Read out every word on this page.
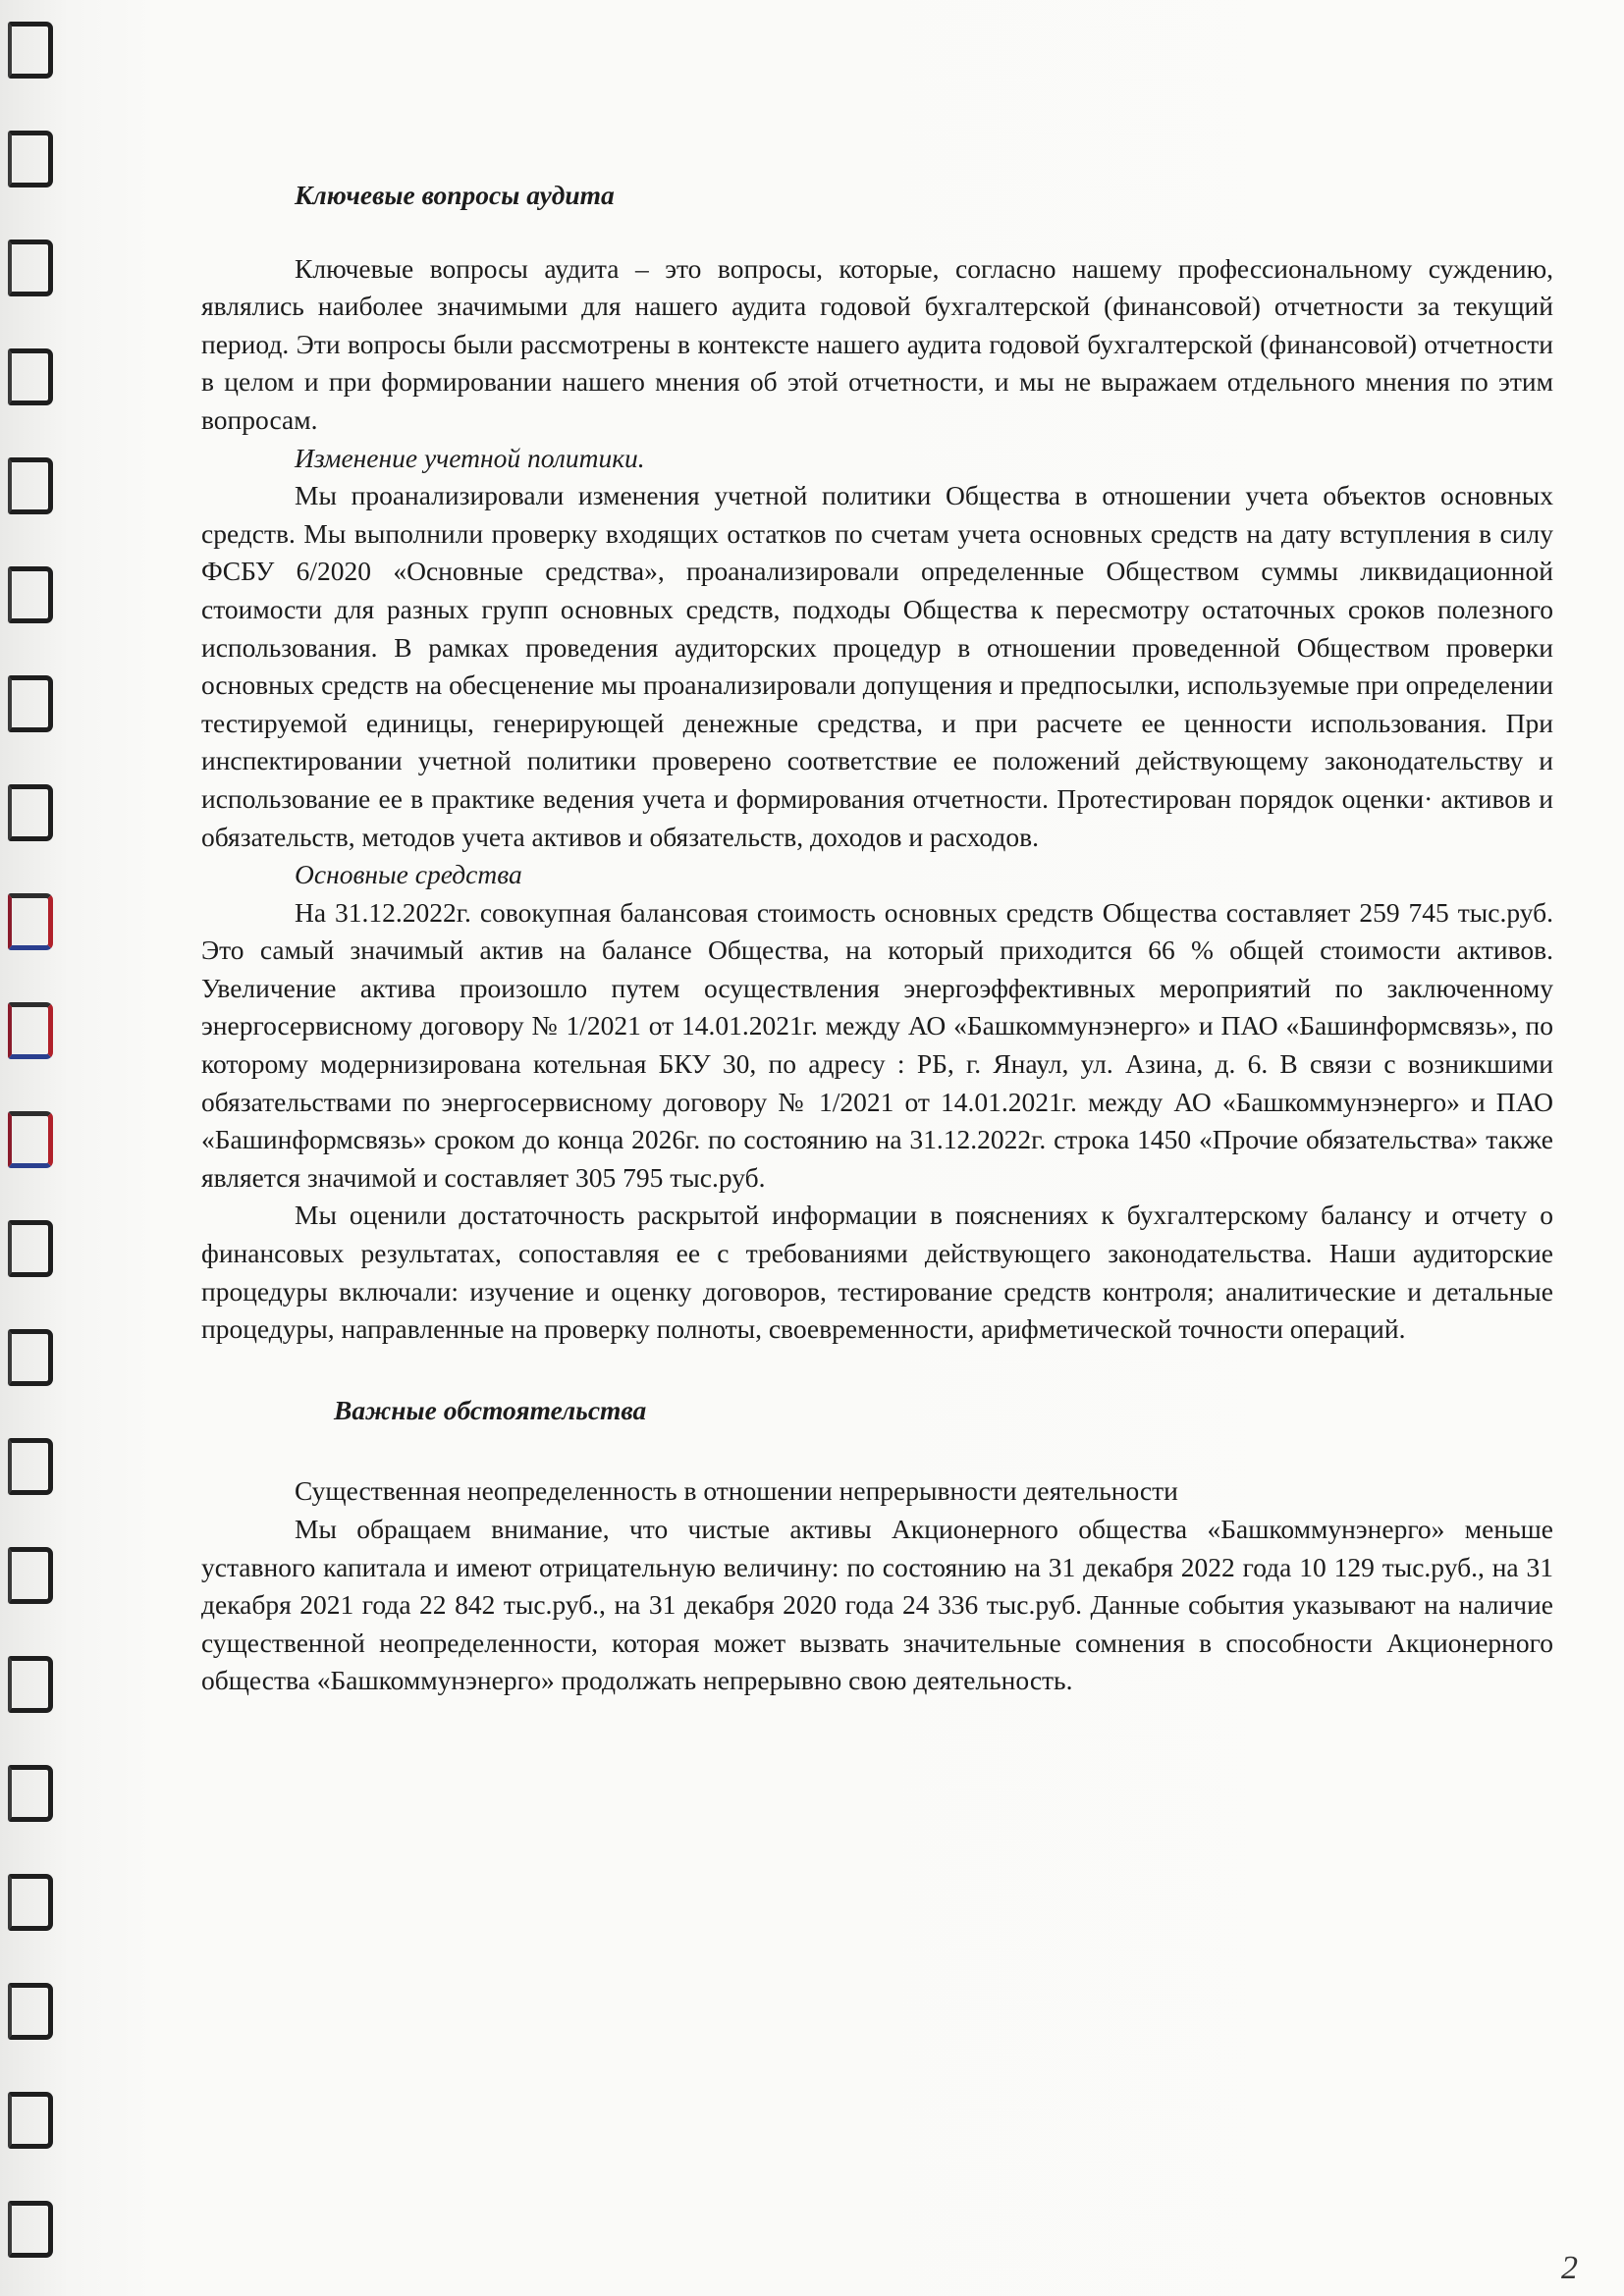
Ключевые вопросы аудита

Ключевые вопросы аудита – это вопросы, которые, согласно нашему профессиональному суждению, являлись наиболее значимыми для нашего аудита годовой бухгалтерской (финансовой) отчетности за текущий период. Эти вопросы были рассмотрены в контексте нашего аудита годовой бухгалтерской (финансовой) отчетности в целом и при формировании нашего мнения об этой отчетности, и мы не выражаем отдельного мнения по этим вопросам.

Изменение учетной политики.

Мы проанализировали изменения учетной политики Общества в отношении учета объектов основных средств. Мы выполнили проверку входящих остатков по счетам учета основных средств на дату вступления в силу ФСБУ 6/2020 «Основные средства», проанализировали определенные Обществом суммы ликвидационной стоимости для разных групп основных средств, подходы Общества к пересмотру остаточных сроков полезного использования. В рамках проведения аудиторских процедур в отношении проведенной Обществом проверки основных средств на обесценение мы проанализировали допущения и предпосылки, используемые при определении тестируемой единицы, генерирующей денежные средства, и при расчете ее ценности использования. При инспектировании учетной политики проверено соответствие ее положений действующему законодательству и использование ее в практике ведения учета и формирования отчетности. Протестирован порядок оценки· активов и обязательств, методов учета активов и обязательств, доходов и расходов.

Основные средства

На 31.12.2022г. совокупная балансовая стоимость основных средств Общества составляет 259 745 тыс.руб. Это самый значимый актив на балансе Общества, на который приходится 66 % общей стоимости активов. Увеличение актива произошло путем осуществления энергоэффективных мероприятий по заключенному энергосервисному договору № 1/2021 от 14.01.2021г. между АО «Башкоммунэнерго» и ПАО «Башинформсвязь», по которому модернизирована котельная БКУ 30, по адресу : РБ, г. Янаул, ул. Азина, д. 6. В связи с возникшими обязательствами по энергосервисному договору № 1/2021 от 14.01.2021г. между АО «Башкоммунэнерго» и ПАО «Башинформсвязь» сроком до конца 2026г. по состоянию на 31.12.2022г. строка 1450 «Прочие обязательства» также является значимой и составляет 305 795 тыс.руб.

Мы оценили достаточность раскрытой информации в пояснениях к бухгалтерскому балансу и отчету о финансовых результатах, сопоставляя ее с требованиями действующего законодательства. Наши аудиторские процедуры включали: изучение и оценку договоров, тестирование средств контроля; аналитические и детальные процедуры, направленные на проверку полноты, своевременности, арифметической точности операций.

Важные обстоятельства

Существенная неопределенность в отношении непрерывности деятельности

Мы обращаем внимание, что чистые активы Акционерного общества «Башкоммунэнерго» меньше уставного капитала и имеют отрицательную величину: по состоянию на 31 декабря 2022 года 10 129 тыс.руб., на 31 декабря 2021 года 22 842 тыс.руб., на 31 декабря 2020 года 24 336 тыс.руб. Данные события указывают на наличие существенной неопределенности, которая может вызвать значительные сомнения в способности Акционерного общества «Башкоммунэнерго» продолжать непрерывно свою деятельность.

2
